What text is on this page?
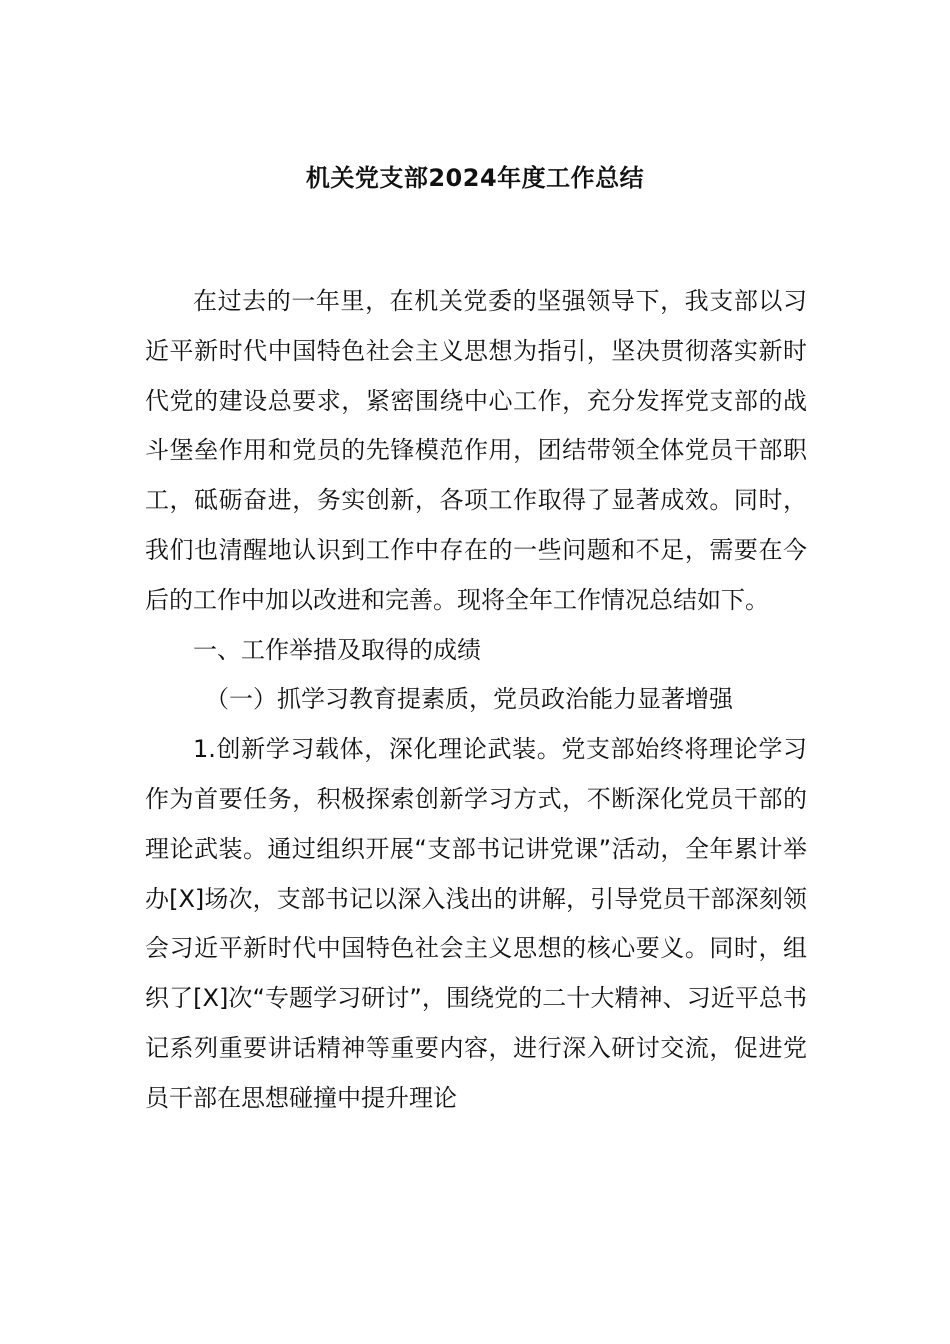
机关党支部2024年度工作总结

在过去的一年里，在机关党委的坚强领导下，我支部以习近平新时代中国特色社会主义思想为指引，坚决贯彻落实新时代党的建设总要求，紧密围绕中心工作，充分发挥党支部的战斗堡垒作用和党员的先锋模范作用，团结带领全体党员干部职工，砥砺奋进，务实创新，各项工作取得了显著成效。同时，我们也清醒地认识到工作中存在的一些问题和不足，需要在今后的工作中加以改进和完善。现将全年工作情况总结如下。

一、工作举措及取得的成绩

（一）抓学习教育提素质，党员政治能力显著增强

1.创新学习载体，深化理论武装。党支部始终将理论学习作为首要任务，积极探索创新学习方式，不断深化党员干部的理论武装。通过组织开展“支部书记讲党课”活动，全年累计举办[X]场次，支部书记以深入浅出的讲解，引导党员干部深刻领会习近平新时代中国特色社会主义思想的核心要义。同时，组织了[X]次“专题学习研讨”，围绕党的二十大精神、习近平总书记系列重要讲话精神等重要内容，进行深入研讨交流，促进党员干部在思想碰撞中提升理论
